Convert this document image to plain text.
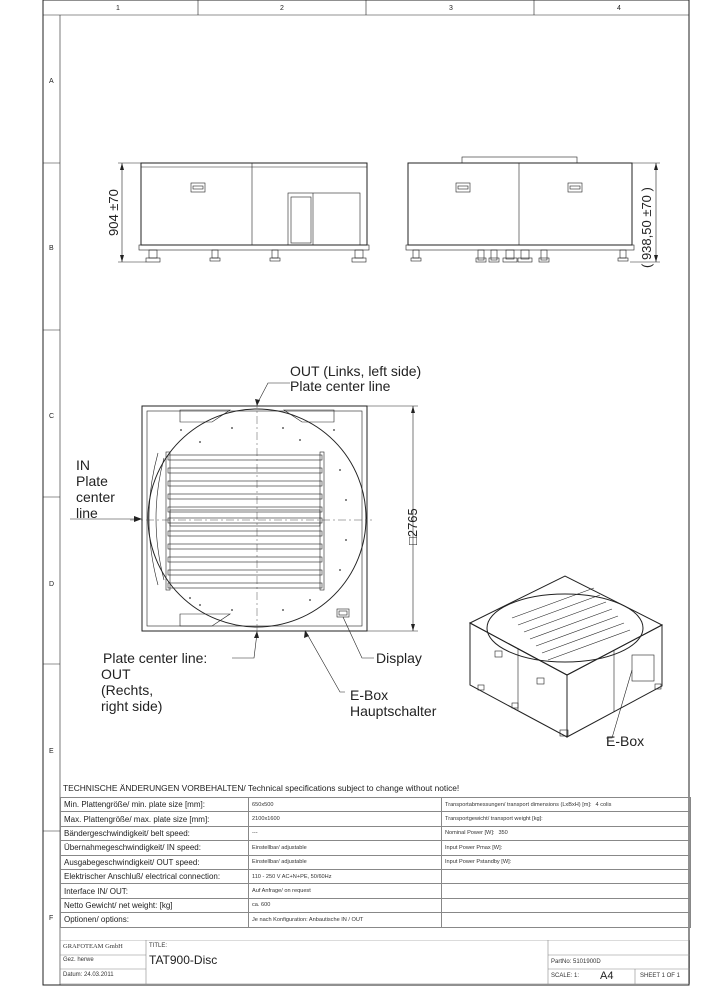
1	2	3	4
A
B
C
D
E
F
904 ±70	( 938,50 ±70 )
□2765
OUT (Links, left side)
Plate center line
IN Plate center line
Plate center line: OUT (Rechts, right side)
Display
E-Box Hauptschalter
E-Box
TECHNISCHE ÄNDERUNGEN VORBEHALTEN/ Technical specifications subject to change without notice!
Min. Plattengröße/ min. plate size [mm]:	650x500	Transportabmessungen/ transport dimensions (LxBxH) [m]: 4 colis
Max. Plattengröße/ max. plate size [mm]:	2100x1600	Transportgewicht/ transport weight [kg]:
Bändergeschwindigkeit/ belt speed:	---	Nominal Power [W]: 350
Übernahmegeschwindigkeit/ IN speed:	Einstellbar/ adjustable	Input Power Pmax [W]:
Ausgabegeschwindigkeit/ OUT speed:	Einstellbar/ adjustable	Input Power Pstandby [W]:
Elektrischer Anschluß/ electrical connection:	110 - 250 V AC+N+PE, 50/60Hz	
Interface IN/ OUT:	Auf Anfrage/ on request	
Netto Gewicht/ net weight: [kg]	ca. 600	
Optionen/ options:	Je nach Konfiguration: Anbautische IN / OUT	
GRAFOTEAM GmbH
Gez. herwe
Datum: 24.03.2011
TITLE:
TAT900-Disc	PartNo: 5101900D
SCALE: 1: A4	SHEET 1 OF 1
